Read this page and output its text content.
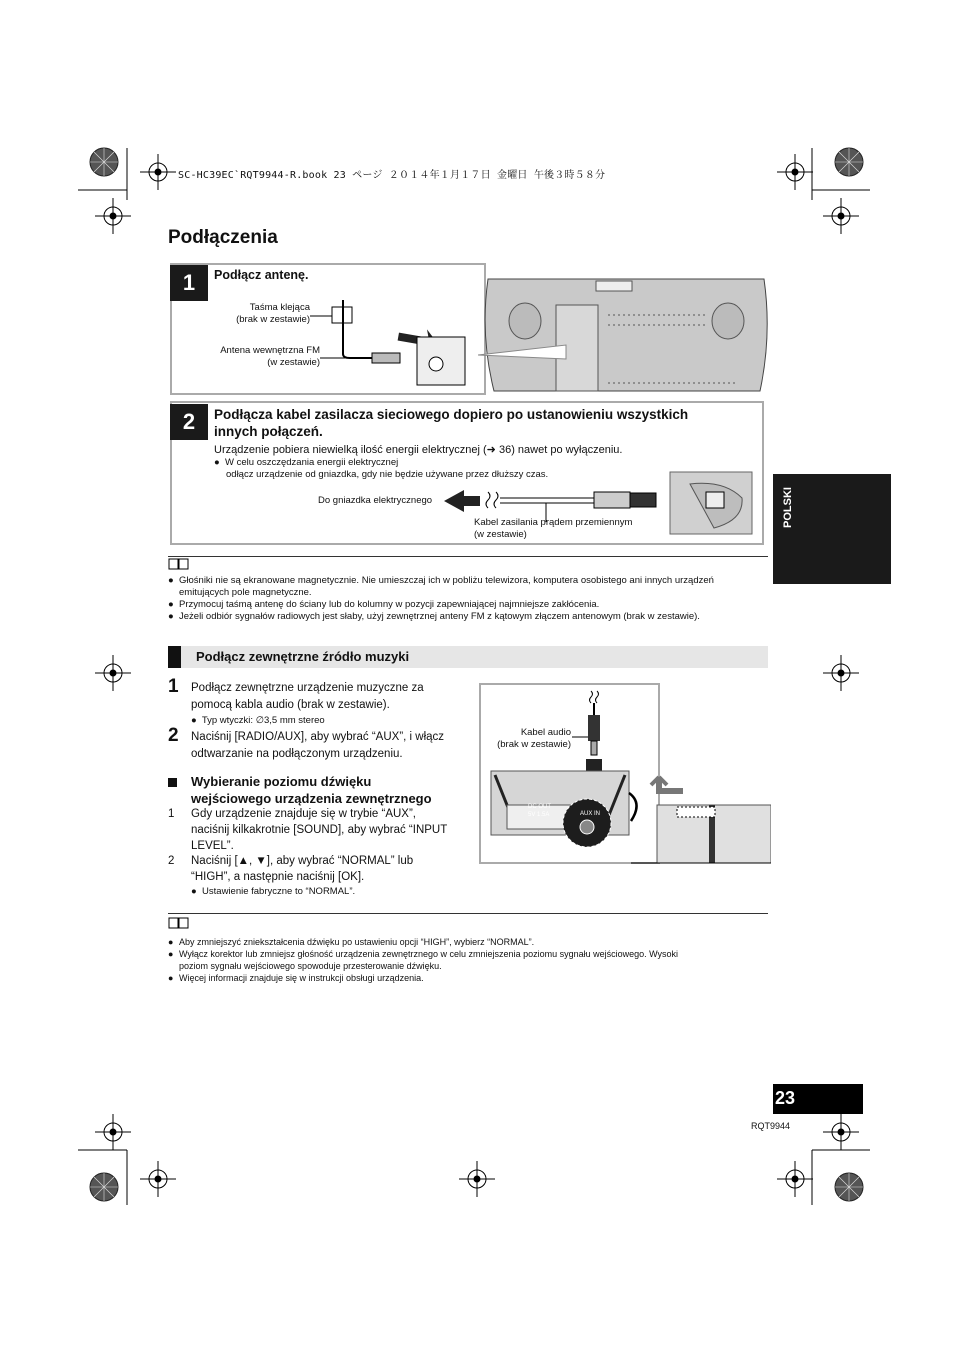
SC-HC39EC`RQT9944-R.book 23 ページ ２０１４年１月１７日 金曜日 午後３時５８分
Podłączenia
1	Podłącz antenę.
Taśma klejąca
(brak w zestawie)
Antena wewnętrzna FM
(w zestawie)
2	Podłącza kabel zasilacza sieciowego dopiero po ustanowieniu wszystkich
innych połączeń.
Urządzenie pobiera niewielką ilość energii elektrycznej (➜ 36) nawet po wyłączeniu.
●  W celu oszczędzania energii elektrycznej
odłącz urządzenie od gniazdka, gdy nie będzie używane przez dłuższy czas.
Do gniazdka elektrycznego
Kabel zasilania prądem przemiennym
(w zestawie)
● Głośniki nie są ekranowane magnetycznie. Nie umieszczaj ich w pobliżu telewizora, komputera osobistego ani innych urządzeń
emitujących pole magnetyczne.
● Przymocuj taśmą antenę do ściany lub do kolumny w pozycji zapewniającej najmniejsze zakłócenia.
● Jeżeli odbiór sygnałów radiowych jest słaby, użyj zewnętrznej anteny FM z kątowym złączem antenowym (brak w zestawie).
Podłącz zewnętrzne źródło muzyki
1 Podłącz zewnętrzne urządzenie muzyczne za
pomocą kabla audio (brak w zestawie).
●  Typ wtyczki: ∅3,5 mm stereo
2 Naciśnij [RADIO/AUX], aby wybrać “AUX”, i włącz
odtwarzanie na podłączonym urządzeniu.
Wybieranie poziomu dźwięku
wejściowego urządzenia zewnętrznego
1 Gdy urządzenie znajduje się w trybie “AUX”,
naciśnij kilkakrotnie [SOUND], aby wybrać “INPUT
LEVEL”.
2 Naciśnij [▲, ▼], aby wybrać “NORMAL” lub
“HIGH”, a następnie naciśnij [OK].
●  Ustawienie fabryczne to “NORMAL”.
Kabel audio
(brak w zestawie)
AUX IN
DC OUT
5V 1.5A
● Aby zmniejszyć zniekształcenia dźwięku po ustawieniu opcji “HIGH”, wybierz “NORMAL”.
● Wyłącz korektor lub zmniejsz głośność urządzenia zewnętrznego w celu zmniejszenia poziomu sygnału wejściowego. Wysoki
poziom sygnału wejściowego spowoduje przesterowanie dźwięku.
● Więcej informacji znajduje się w instrukcji obsługi urządzenia.
POLSKI
23
RQT9944
